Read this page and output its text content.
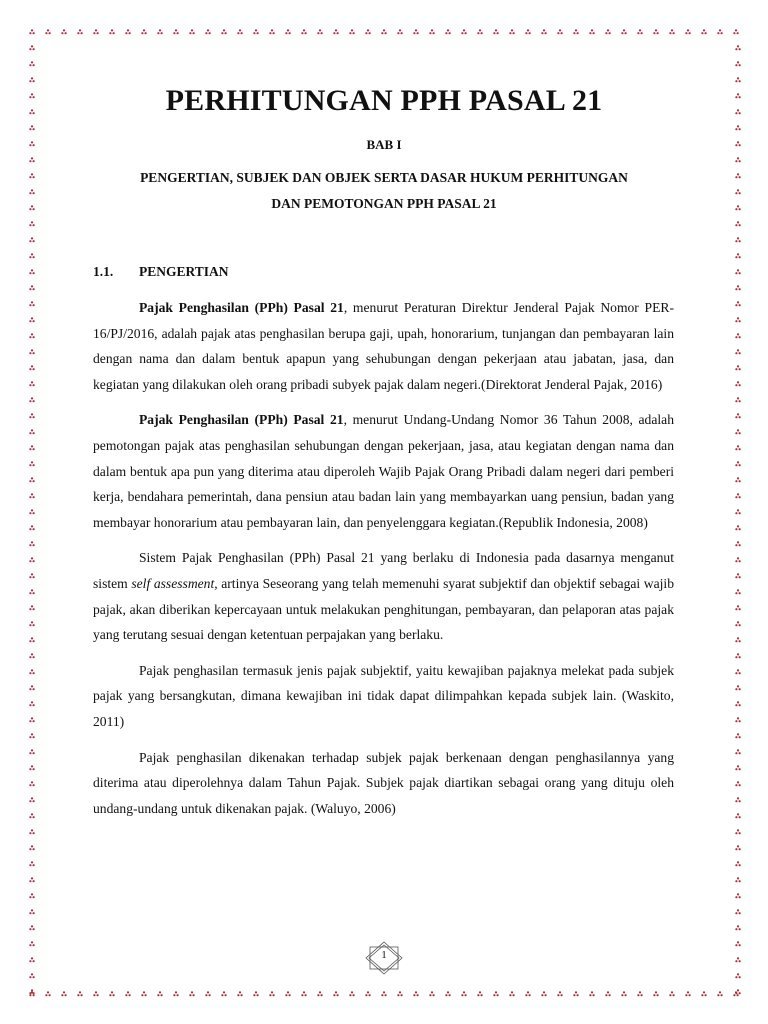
PERHITUNGAN PPH PASAL 21
BAB I
PENGERTIAN, SUBJEK DAN OBJEK SERTA DASAR HUKUM PERHITUNGAN
DAN PEMOTONGAN PPH PASAL 21
1.1. PENGERTIAN

Pajak Penghasilan (PPh) Pasal 21, menurut Peraturan Direktur Jenderal Pajak Nomor PER-16/PJ/2016, adalah pajak atas penghasilan berupa gaji, upah, honorarium, tunjangan dan pembayaran lain dengan nama dan dalam bentuk apapun yang sehubungan dengan pekerjaan atau jabatan, jasa, dan kegiatan yang dilakukan oleh orang pribadi subyek pajak dalam negeri.(Direktorat Jenderal Pajak, 2016)

Pajak Penghasilan (PPh) Pasal 21, menurut Undang-Undang Nomor 36 Tahun 2008, adalah pemotongan pajak atas penghasilan sehubungan dengan pekerjaan, jasa, atau kegiatan dengan nama dan dalam bentuk apa pun yang diterima atau diperoleh Wajib Pajak Orang Pribadi dalam negeri dari pemberi kerja, bendahara pemerintah, dana pensiun atau badan lain yang membayarkan uang pensiun, badan yang membayar honorarium atau pembayaran lain, dan penyelenggara kegiatan.(Republik Indonesia, 2008)

Sistem Pajak Penghasilan (PPh) Pasal 21 yang berlaku di Indonesia pada dasarnya menganut sistem self assessment, artinya Seseorang yang telah memenuhi syarat subjektif dan objektif sebagai wajib pajak, akan diberikan kepercayaan untuk melakukan penghitungan, pembayaran, dan pelaporan atas pajak yang terutang sesuai dengan ketentuan perpajakan yang berlaku.

Pajak penghasilan termasuk jenis pajak subjektif, yaitu kewajiban pajaknya melekat pada subjek pajak yang bersangkutan, dimana kewajiban ini tidak dapat dilimpahkan kepada subjek lain. (Waskito, 2011)

Pajak penghasilan dikenakan terhadap subjek pajak berkenaan dengan penghasilannya yang diterima atau diperolehnya dalam Tahun Pajak. Subjek pajak diartikan sebagai orang yang dituju oleh undang-undang untuk dikenakan pajak. (Waluyo, 2006)

1
